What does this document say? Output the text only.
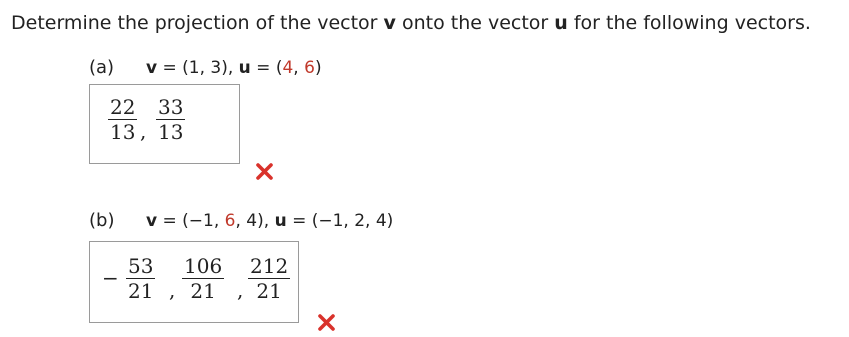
Determine the projection of the vector v onto the vector u for the following vectors.
(a) v = (1, 3), u = (4, 6)
22
13 ,
33
13
(b) v = (−1, 6, 4), u = (−1, 2, 4)
− 53
21 ,
106
21	,
212
21
